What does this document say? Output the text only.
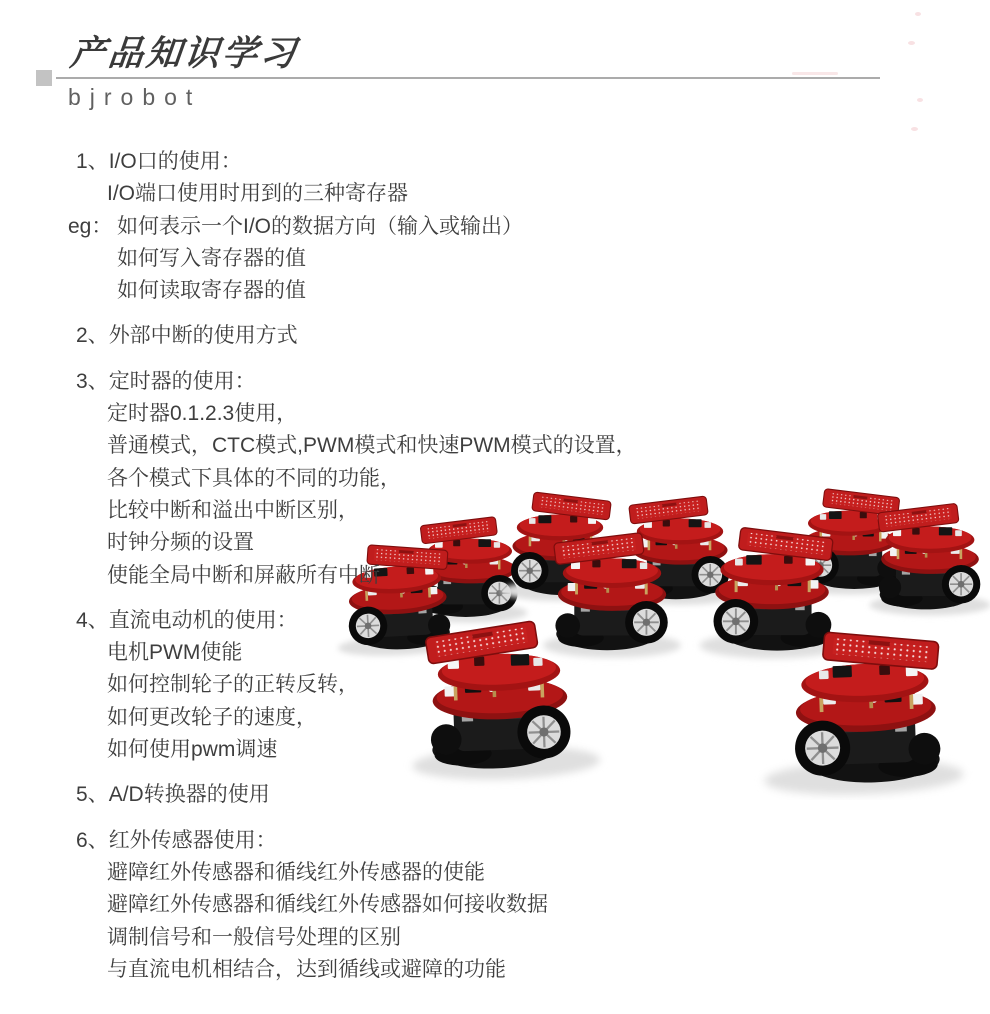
产品知识学习
bjrobot
1、I/O口的使用：
I/O端口使用时用到的三种寄存器
eg： 如何表示一个I/O的数据方向（输入或输出）
如何写入寄存器的值
如何读取寄存器的值
2、外部中断的使用方式
3、定时器的使用：
定时器0.1.2.3使用，
普通模式，CTC模式,PWM模式和快速PWM模式的设置，
各个模式下具体的不同的功能，
比较中断和溢出中断区别，
时钟分频的设置
使能全局中断和屏蔽所有中断
4、直流电动机的使用：
电机PWM使能
如何控制轮子的正转反转，
如何更改轮子的速度，
如何使用pwm调速
5、A/D转换器的使用
6、红外传感器使用：
避障红外传感器和循线红外传感器的使能
避障红外传感器和循线红外传感器如何接收数据
调制信号和一般信号处理的区别
与直流电机相结合，达到循线或避障的功能
